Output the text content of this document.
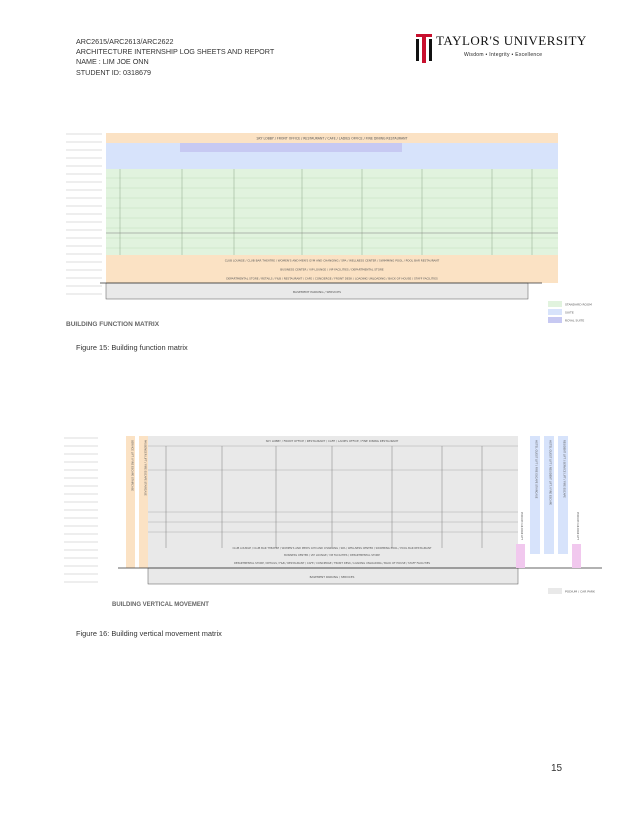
ARC2615/ARC2613/ARC2622
ARCHITECTURE INTERNSHIP LOG SHEETS AND REPORT
NAME : LIM JOE ONN
STUDENT ID: 0318679
TAYLOR'S UNIVERSITY
Wisdom • Integrity • Excellence
SKY LOBBY / FRONT OFFICE / RESTAURANT / CAFE / LADIES OFFICE / FINE DINING RESTAURANT
CLUB LOUNGE / CLUB BAR THEATRE / WOMEN'S AND MEN'S GYM AND CHANGING / SPA / WELLNESS CENTER / SWIMMING POOL / POOL BAR RESTAURANT
BUSINESS CENTER / VIP LOUNGE / VIP FACILITIES / DEPARTMENTAL STORE
DEPARTMENTAL STORE / RETAILS / F&B / RESTAURANT / CAFE / CONCIERGE / FRONT DESK / LOADING UNLOADING / BACK OF HOUSE / STAFF FACILITIES
BASEMENT PARKING / SERVICES
STANDARD ROOM
SUITE
ROYAL SUITE
BUILDING FUNCTION MATRIX
Figure 15: Building function matrix
SERVICE LIFT / FIRE ESCAPE STAIRCASE	PASSENGER LIFT / FIRE ESCAPE STAIRCASE	SKY LOBBY / FRONT OFFICE / RESTAURANT / CAFE / LADIES OFFICE / FINE DINING RESTAURANT
CLUB LOUNGE / CLUB BAR THEATRE / WOMEN'S AND MEN'S GYM AND CHANGING / SPA / WELLNESS CENTER / SWIMMING POOL / POOL BAR RESTAURANT
BUSINESS CENTER / VIP LOUNGE / VIP FACILITIES / DEPARTMENTAL STORE
DEPARTMENTAL STORE / RETAILS / F&B / RESTAURANT / CAFE / CONCIERGE / FRONT DESK / LOADING UNLOADING / BACK OF HOUSE / STAFF FACILITIES
BASEMENT PARKING / SERVICES
PODIUM CAR PARK LIFT	PODIUM CAR PARK LIFT
HOTEL GUEST LIFT / FIRE ESCAPE STAIRCASE	HOTEL GUEST LIFT / RESIDENT LIFT / FIRE ESCAPE	RESIDENT LIFT / SERVICE LIFT / FIRE ESCAPE
PODIUM / CAR PARK
BUILDING VERTICAL MOVEMENT
Figure 16: Building vertical movement matrix
15
